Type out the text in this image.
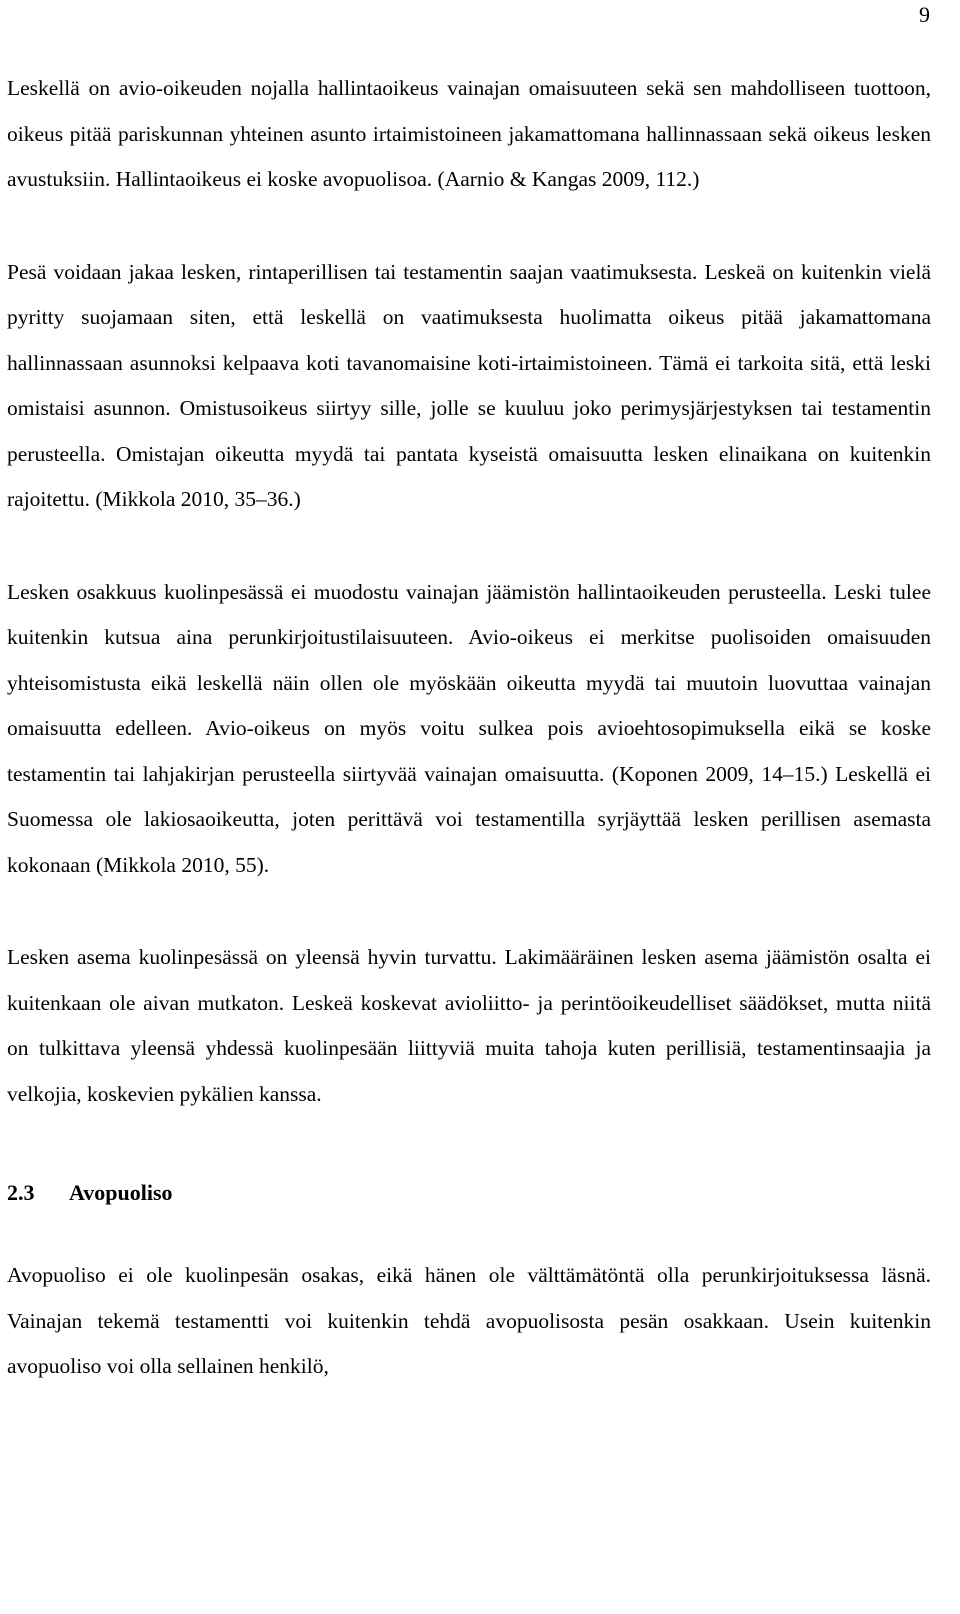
9

Leskellä on avio-oikeuden nojalla hallintaoikeus vainajan omaisuuteen sekä sen mahdolliseen tuottoon, oikeus pitää pariskunnan yhteinen asunto irtaimistoineen jakamattomana hallinnassaan sekä oikeus lesken avustuksiin. Hallintaoikeus ei koske avopuolisoa. (Aarnio & Kangas 2009, 112.)

Pesä voidaan jakaa lesken, rintaperillisen tai testamentin saajan vaatimuksesta. Leskeä on kuitenkin vielä pyritty suojamaan siten, että leskellä on vaatimuksesta huolimatta oikeus pitää jakamattomana hallinnassaan asunnoksi kelpaava koti tavanomaisine koti-irtaimistoineen. Tämä ei tarkoita sitä, että leski omistaisi asunnon. Omistusoikeus siirtyy sille, jolle se kuuluu joko perimysjärjestyksen tai testamentin perusteella. Omistajan oikeutta myydä tai pantata kyseistä omaisuutta lesken elinaikana on kuitenkin rajoitettu. (Mikkola 2010, 35–36.)

Lesken osakkuus kuolinpesässä ei muodostu vainajan jäämistön hallintaoikeuden perusteella. Leski tulee kuitenkin kutsua aina perunkirjoitustilaisuuteen. Avio-oikeus ei merkitse puolisoiden omaisuuden yhteisomistusta eikä leskellä näin ollen ole myöskään oikeutta myydä tai muutoin luovuttaa vainajan omaisuutta edelleen. Avio-oikeus on myös voitu sulkea pois avioehtosopimuksella eikä se koske testamentin tai lahjakirjan perusteella siirtyvää vainajan omaisuutta. (Koponen 2009, 14–15.) Leskellä ei Suomessa ole lakiosaoikeutta, joten perittävä voi testamentilla syrjäyttää lesken perillisen asemasta kokonaan (Mikkola 2010, 55).

Lesken asema kuolinpesässä on yleensä hyvin turvattu. Lakimääräinen lesken asema jäämistön osalta ei kuitenkaan ole aivan mutkaton. Leskeä koskevat avioliitto- ja perintöoikeudelliset säädökset, mutta niitä on tulkittava yleensä yhdessä kuolinpesään liittyviä muita tahoja kuten perillisiä, testamentinsaajia ja velkojia, koskevien pykälien kanssa.

2.3	Avopuoliso

Avopuoliso ei ole kuolinpesän osakas, eikä hänen ole välttämätöntä olla perunkirjoituksessa läsnä. Vainajan tekemä testamentti voi kuitenkin tehdä avopuolisosta pesän osakkaan. Usein kuitenkin avopuoliso voi olla sellainen henkilö,
